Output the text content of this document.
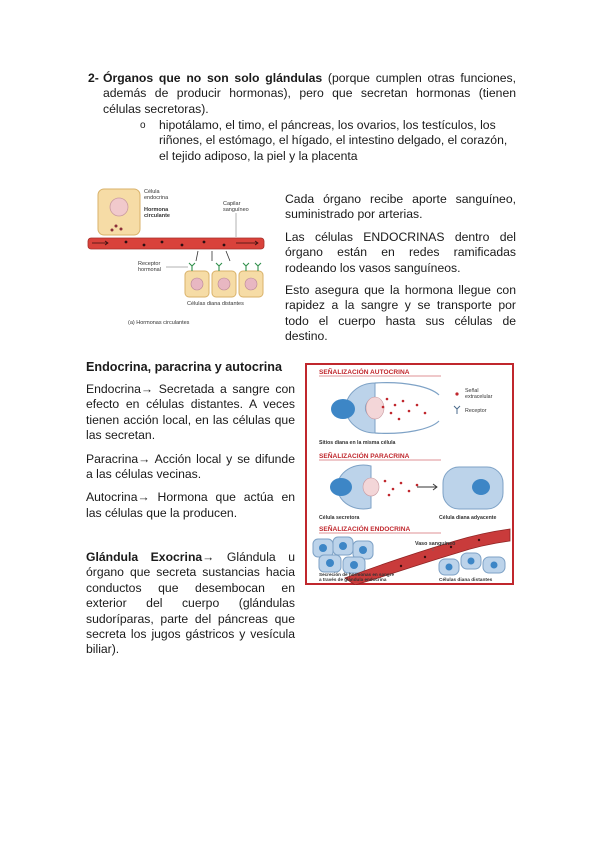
2- Órganos que no son solo glándulas (porque cumplen otras funciones, además de producir hormonas), pero que secretan hormonas (tienen células secretoras).
o hipotálamo, el timo, el páncreas, los ovarios, los testículos, los riñones, el estómago, el hígado, el intestino delgado, el corazón, el tejido adiposo, la piel y la placenta
Célula
endocrina
Hormona
circulante
Capilar
sanguíneo
Receptor
hormonal
Células diana distantes
(a) Hormonas circulantes

Cada órgano recibe aporte sanguíneo, suministrado por arterias.

Las células ENDOCRINAS dentro del órgano están en redes ramificadas rodeando los vasos sanguíneos.

Esto asegura que la hormona llegue con rapidez a la sangre y se transporte por todo el cuerpo hasta sus células de destino.

Endocrina, paracrina y autocrina

Endocrina→ Secretada a sangre con efecto en células distantes. A veces tienen acción local, en las células que las secretan.

Paracrina→ Acción local y se difunde a las células vecinas.

Autocrina→ Hormona que actúa en las células que la producen.

Glándula Exocrina→ Glándula u órgano que secreta sustancias hacia conductos que desembocan en exterior del cuerpo (glándulas sudoríparas, parte del páncreas que secreta los jugos gástricos y vesícula biliar).

SEÑALIZACIÓN AUTOCRINA
Señal
extracelular
Receptor
Sitios diana en la misma célula
SEÑALIZACIÓN PARACRINA
Célula secretora	Célula diana adyacente
SEÑALIZACIÓN ENDOCRINA
Vaso sanguíneo
Secreción de hormonas en sangre
a través de glándula endocrina	Células diana distantes
